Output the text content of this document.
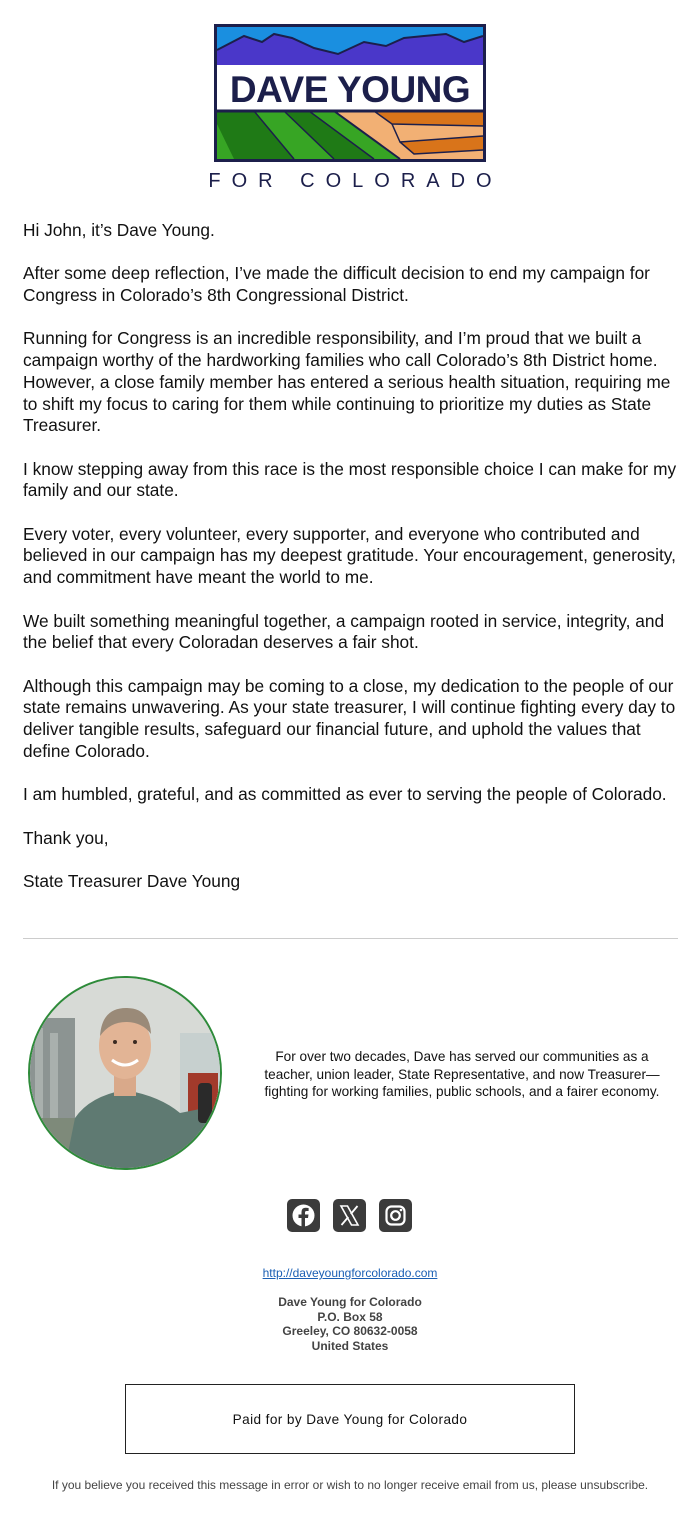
DAVE YOUNG
FOR COLORADO

Hi John, it’s Dave Young.

After some deep reflection, I’ve made the difficult decision to end my campaign for Congress in Colorado’s 8th Congressional District.

Running for Congress is an incredible responsibility, and I’m proud that we built a campaign worthy of the hardworking families who call Colorado’s 8th District home. However, a close family member has entered a serious health situation, requiring me to shift my focus to caring for them while continuing to prioritize my duties as State Treasurer.

I know stepping away from this race is the most responsible choice I can make for my family and our state.

Every voter, every volunteer, every supporter, and everyone who contributed and believed in our campaign has my deepest gratitude. Your encouragement, generosity, and commitment have meant the world to me.

We built something meaningful together, a campaign rooted in service, integrity, and the belief that every Coloradan deserves a fair shot.

Although this campaign may be coming to a close, my dedication to the people of our state remains unwavering. As your state treasurer, I will continue fighting every day to deliver tangible results, safeguard our financial future, and uphold the values that define Colorado.

I am humbled, grateful, and as committed as ever to serving the people of Colorado.

Thank you,

State Treasurer Dave Young

For over two decades, Dave has served our communities as a teacher, union leader, State Representative, and now Treasurer—fighting for working families, public schools, and a fairer economy.
http://daveyoungforcolorado.com
Dave Young for Colorado
P.O. Box 58
Greeley, CO 80632-0058
United States
Paid for by Dave Young for Colorado
If you believe you received this message in error or wish to no longer receive email from us, please unsubscribe.
